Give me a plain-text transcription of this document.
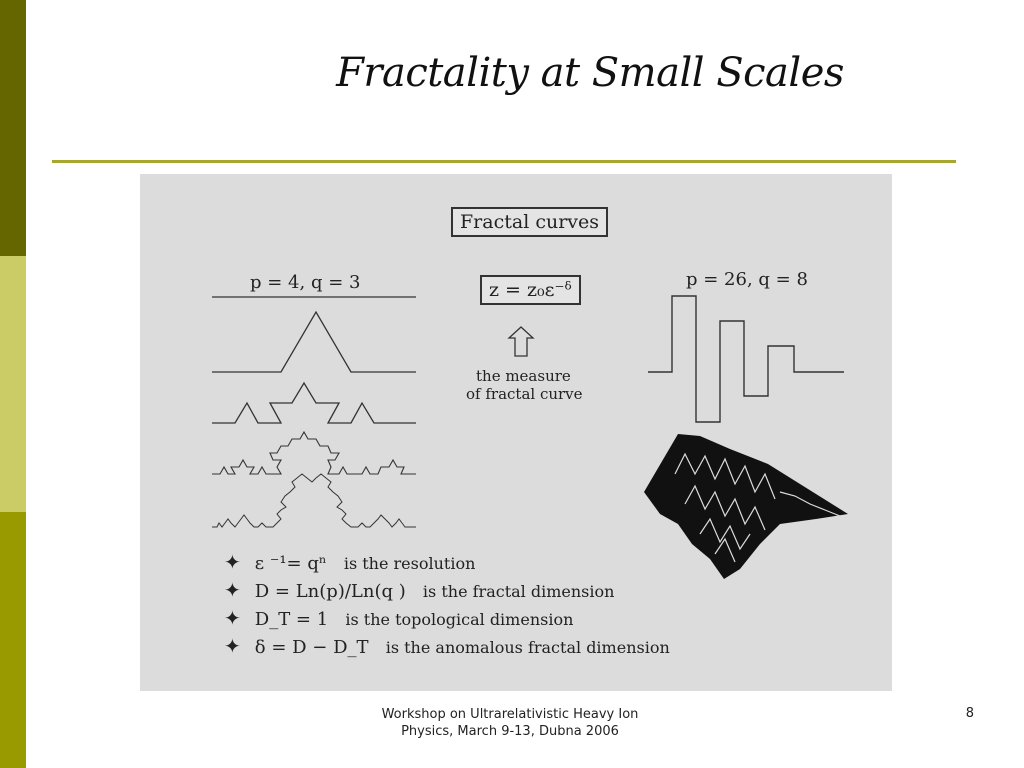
Fractality at Small Scales
Fractal curves
p = 4, q = 3	z = z₀ε⁻ᵟ
the measure
of fractal curve
p = 26, q = 8
✦ ε ⁻¹= qⁿ is the resolution
✦ D = Ln(p)/Ln(q ) is the fractal dimension
✦ D_T = 1 is the topological dimension
✦ δ = D − D_T is the anomalous fractal dimension
Workshop on Ultrarelativistic Heavy Ion
Physics, March 9-13, Dubna 2006
8
